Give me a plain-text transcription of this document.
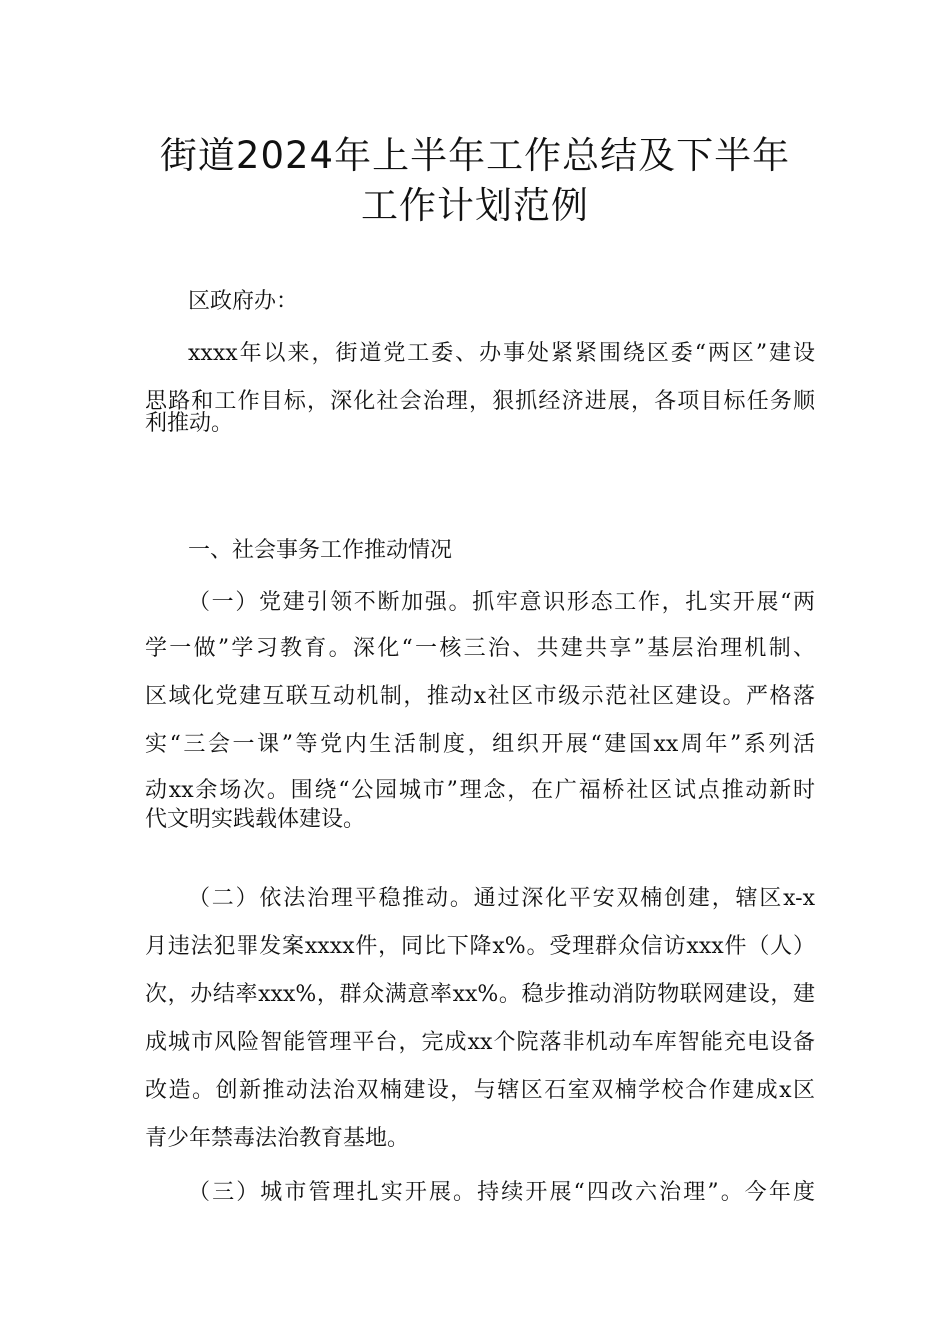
街道2024年上半年工作总结及下半年
工作计划范例
区政府办：
xxxx年以来，街道党工委、办事处紧紧围绕区委“两区”建设
思路和工作目标，深化社会治理，狠抓经济进展，各项目标任务顺
利推动。
一、社会事务工作推动情况
（一）党建引领不断加强。抓牢意识形态工作，扎实开展“两
学一做”学习教育。深化“一核三治、共建共享”基层治理机制、
区域化党建互联互动机制，推动x社区市级示范社区建设。严格落
实“三会一课”等党内生活制度，组织开展“建国xx周年”系列活
动xx余场次。围绕“公园城市”理念，在广福桥社区试点推动新时
代文明实践载体建设。
（二）依法治理平稳推动。通过深化平安双楠创建，辖区x-x
月违法犯罪发案xxxx件，同比下降x%。受理群众信访xxx件（人）
次，办结率xxx%，群众满意率xx%。稳步推动消防物联网建设，建
成城市风险智能管理平台，完成xx个院落非机动车库智能充电设备
改造。创新推动法治双楠建设，与辖区石室双楠学校合作建成x区
青少年禁毒法治教育基地。
（三）城市管理扎实开展。持续开展“四改六治理”。今年度
